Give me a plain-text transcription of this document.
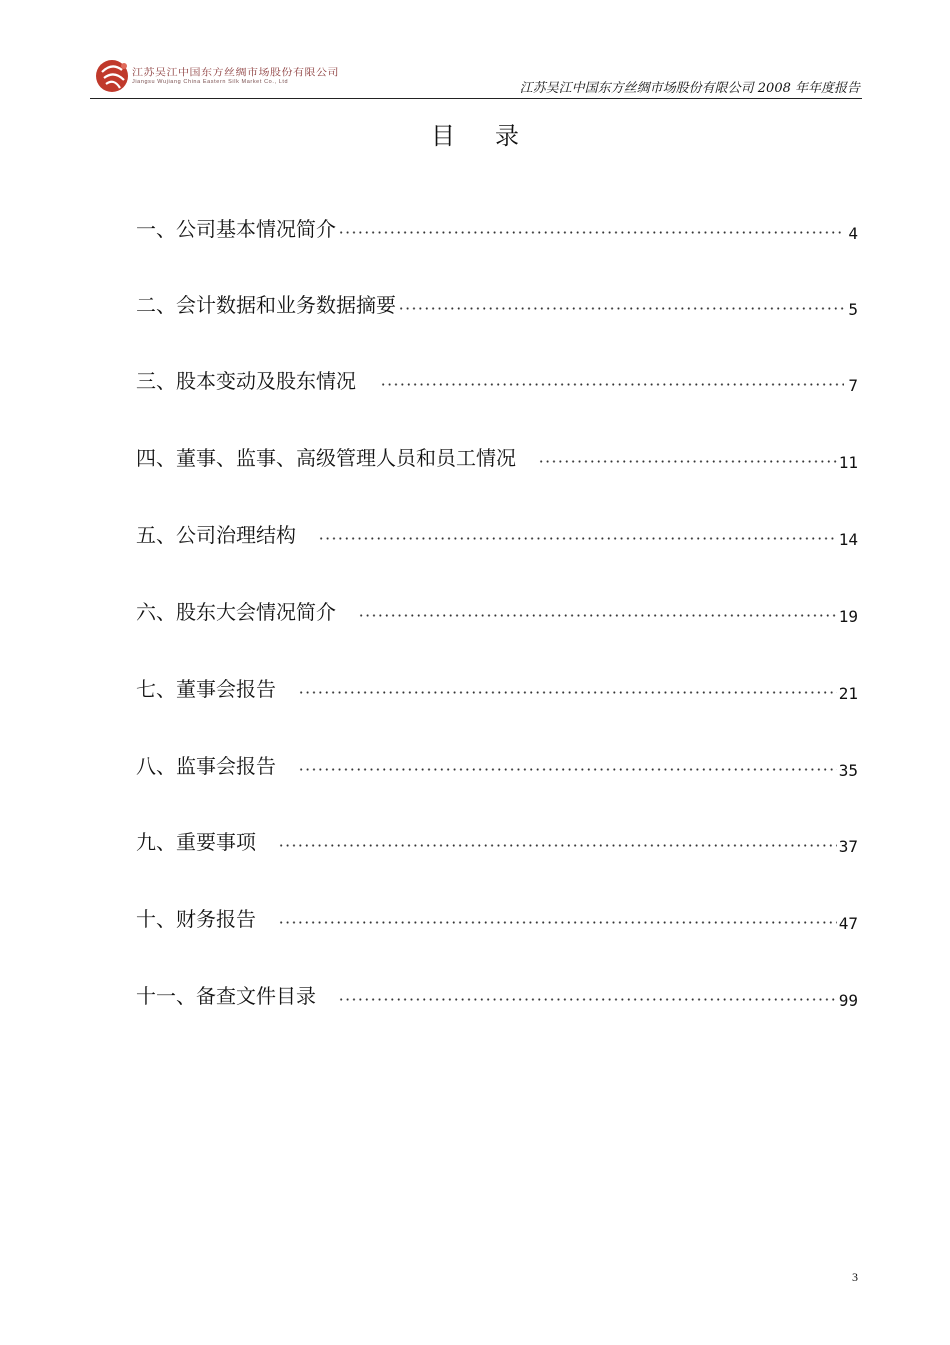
江苏吴江中国东方丝绸市场股份有限公司
Jiangsu Wujiang China Eastern Silk Market Co., Ltd	江苏吴江中国东方丝绸市场股份有限公司 2008 年年度报告
目录
一、公司基本情况简介	4
二、会计数据和业务数据摘要	5
三、股本变动及股东情况	7
四、董事、监事、高级管理人员和员工情况	11
五、公司治理结构	14
六、股东大会情况简介	19
七、董事会报告	21
八、监事会报告	35
九、重要事项	37
十、财务报告	47
十一、备查文件目录	99
3
